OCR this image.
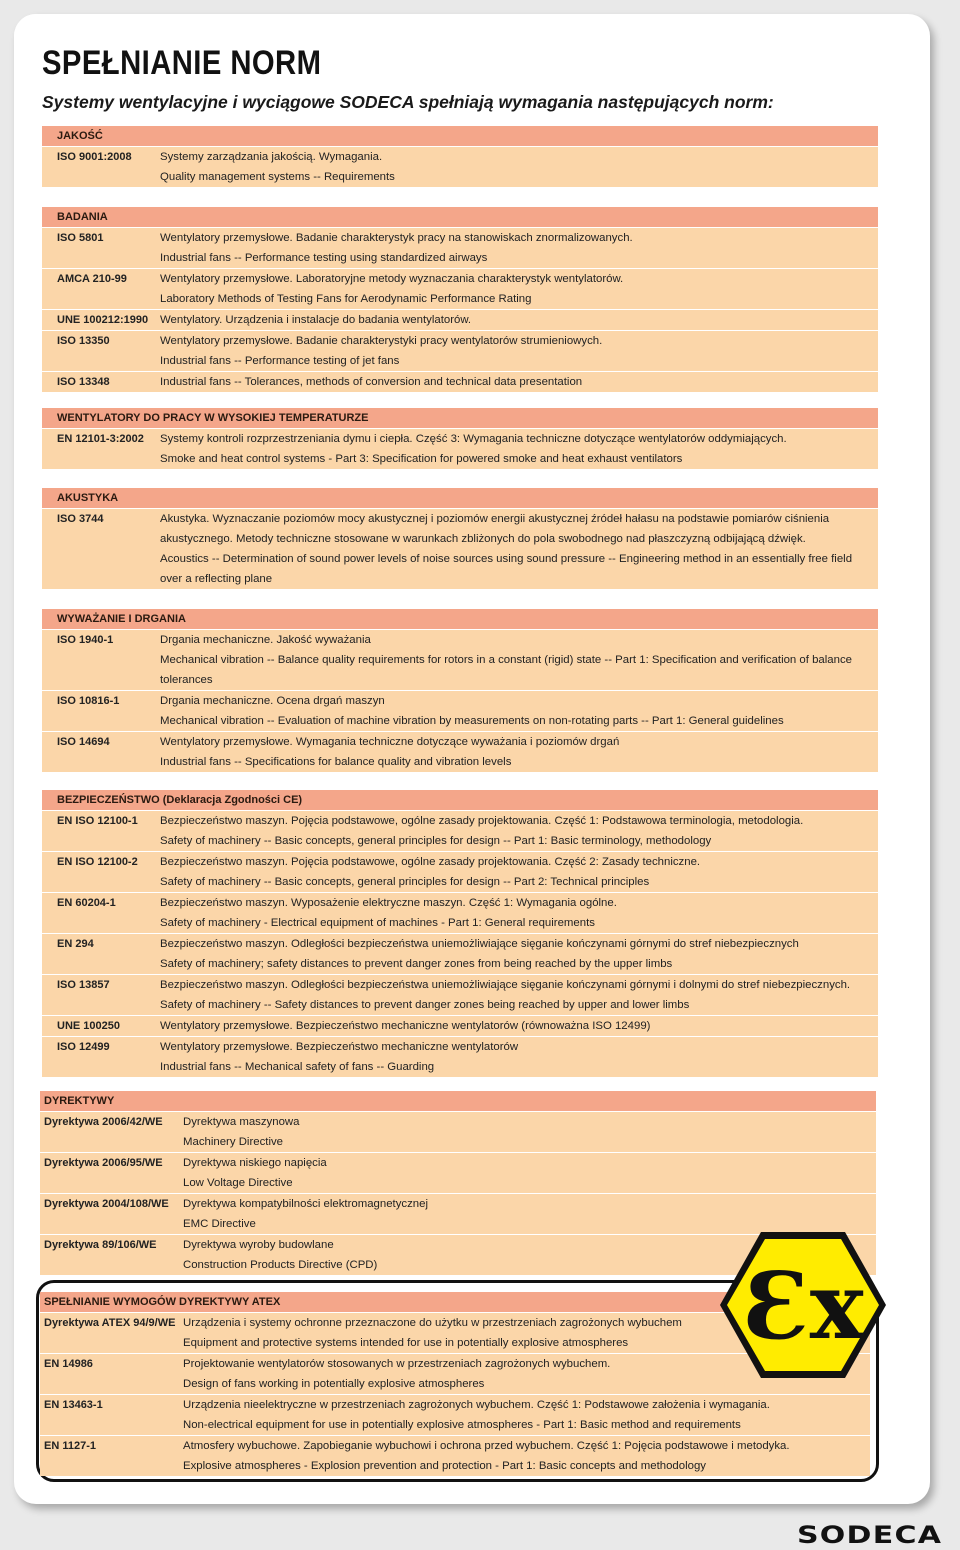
SPEŁNIANIE NORM

Systemy wentylacyjne i wyciągowe SODECA spełniają wymagania następujących norm:

JAKOŚĆ
ISO 9001:2008 Systemy zarządzania jakością. Wymagania.
Quality management systems -- Requirements
BADANIA
ISO 5801	Wentylatory przemysłowe. Badanie charakterystyk pracy na stanowiskach znormalizowanych.
Industrial fans -- Performance testing using standardized airways
AMCA 210-99	Wentylatory przemysłowe. Laboratoryjne metody wyznaczania charakterystyk wentylatorów.
Laboratory Methods of Testing Fans for Aerodynamic Performance Rating
UNE 100212:1990 Wentylatory. Urządzenia i instalacje do badania wentylatorów.
ISO 13350	Wentylatory przemysłowe. Badanie charakterystyki pracy wentylatorów strumieniowych.
Industrial fans -- Performance testing of jet fans
ISO 13348	Industrial fans -- Tolerances, methods of conversion and technical data presentation
WENTYLATORY DO PRACY W WYSOKIEJ TEMPERATURZE
EN 12101-3:2002 Systemy kontroli rozprzestrzeniania dymu i ciepła. Część 3: Wymagania techniczne dotyczące wentylatorów oddymiających.
Smoke and heat control systems - Part 3: Specification for powered smoke and heat exhaust ventilators
AKUSTYKA
ISO 3744	Akustyka. Wyznaczanie poziomów mocy akustycznej i poziomów energii akustycznej źródeł hałasu na podstawie pomiarów ciśnienia akustycznego. Metody techniczne stosowane w warunkach zbliżonych do pola swobodnego nad płaszczyzną odbijającą dźwięk.
Acoustics -- Determination of sound power levels of noise sources using sound pressure -- Engineering method in an essentially free field over a reflecting plane
WYWAŻANIE I DRGANIA
ISO 1940-1	Drgania mechaniczne. Jakość wyważania
Mechanical vibration -- Balance quality requirements for rotors in a constant (rigid) state -- Part 1: Specification and verification of balance tolerances
ISO 10816-1	Drgania mechaniczne. Ocena drgań maszyn
Mechanical vibration -- Evaluation of machine vibration by measurements on non-rotating parts -- Part 1: General guidelines
ISO 14694	Wentylatory przemysłowe. Wymagania techniczne dotyczące wyważania i poziomów drgań
Industrial fans -- Specifications for balance quality and vibration levels
BEZPIECZEŃSTWO (Deklaracja Zgodności CE)
EN ISO 12100-1 Bezpieczeństwo maszyn. Pojęcia podstawowe, ogólne zasady projektowania. Część 1: Podstawowa terminologia, metodologia.
Safety of machinery -- Basic concepts, general principles for design -- Part 1: Basic terminology, methodology
EN ISO 12100-2 Bezpieczeństwo maszyn. Pojęcia podstawowe, ogólne zasady projektowania. Część 2: Zasady techniczne.
Safety of machinery -- Basic concepts, general principles for design -- Part 2: Technical principles
EN 60204-1	Bezpieczeństwo maszyn. Wyposażenie elektryczne maszyn. Część 1: Wymagania ogólne.
Safety of machinery - Electrical equipment of machines - Part 1: General requirements
EN 294	Bezpieczeństwo maszyn. Odległości bezpieczeństwa uniemożliwiające sięganie kończynami górnymi do stref niebezpiecznych
Safety of machinery; safety distances to prevent danger zones from being reached by the upper limbs
ISO 13857	Bezpieczeństwo maszyn. Odległości bezpieczeństwa uniemożliwiające sięganie kończynami górnymi i dolnymi do stref niebezpiecznych.
Safety of machinery -- Safety distances to prevent danger zones being reached by upper and lower limbs
UNE 100250	Wentylatory przemysłowe. Bezpieczeństwo mechaniczne wentylatorów (równoważna ISO 12499)
ISO 12499	Wentylatory przemysłowe. Bezpieczeństwo mechaniczne wentylatorów
Industrial fans -- Mechanical safety of fans -- Guarding
DYREKTYWY
Dyrektywa 2006/42/WE Dyrektywa maszynowa
Machinery Directive
Dyrektywa 2006/95/WE Dyrektywa niskiego napięcia
Low Voltage Directive
Dyrektywa 2004/108/WE Dyrektywa kompatybilności elektromagnetycznej
EMC Directive
Dyrektywa 89/106/WE Dyrektywa wyroby budowlane
Construction Products Directive (CPD)
SPEŁNIANIE WYMOGÓW DYREKTYWY ATEX
Dyrektywa ATEX 94/9/WE Urządzenia i systemy ochronne przeznaczone do użytku w przestrzeniach zagrożonych wybuchem
Equipment and protective systems intended for use in potentially explosive atmospheres
EN 14986	Projektowanie wentylatorów stosowanych w przestrzeniach zagrożonych wybuchem.
Design of fans working in potentially explosive atmospheres
EN 13463-1	Urządzenia nieelektryczne w przestrzeniach zagrożonych wybuchem. Część 1: Podstawowe założenia i wymagania.
Non-electrical equipment for use in potentially explosive atmospheres - Part 1: Basic method and requirements
EN 1127-1	Atmosfery wybuchowe. Zapobieganie wybuchowi i ochrona przed wybuchem. Część 1: Pojęcia podstawowe i metodyka.
Explosive atmospheres - Explosion prevention and protection - Part 1: Basic concepts and methodology
Ɛx
SODECA
